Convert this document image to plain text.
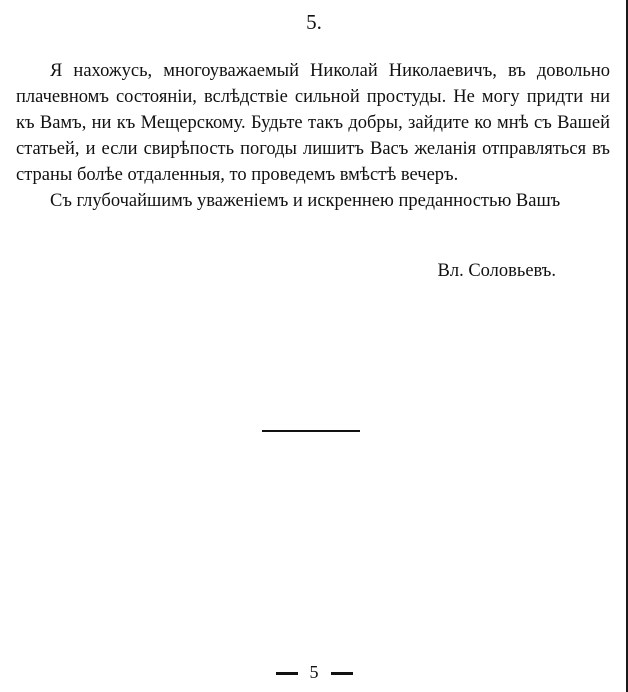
5.

Я нахожусь, многоуважаемый Николай Николаевичъ, въ довольно плачевномъ состоянiи, вслѣдствiе сильной простуды. Не могу придти ни къ Вамъ, ни къ Мещерскому. Будьте такъ добры, зайдите ко мнѣ съ Вашей статьей, и если свирѣпость погоды лишитъ Васъ желанiя отправляться въ страны болѣе отдаленныя, то проведемъ вмѣстѣ вечеръ.

Съ глубочайшимъ уваженiемъ и искреннею преданностью Вашъ

Вл. Соловьевъ.
5
